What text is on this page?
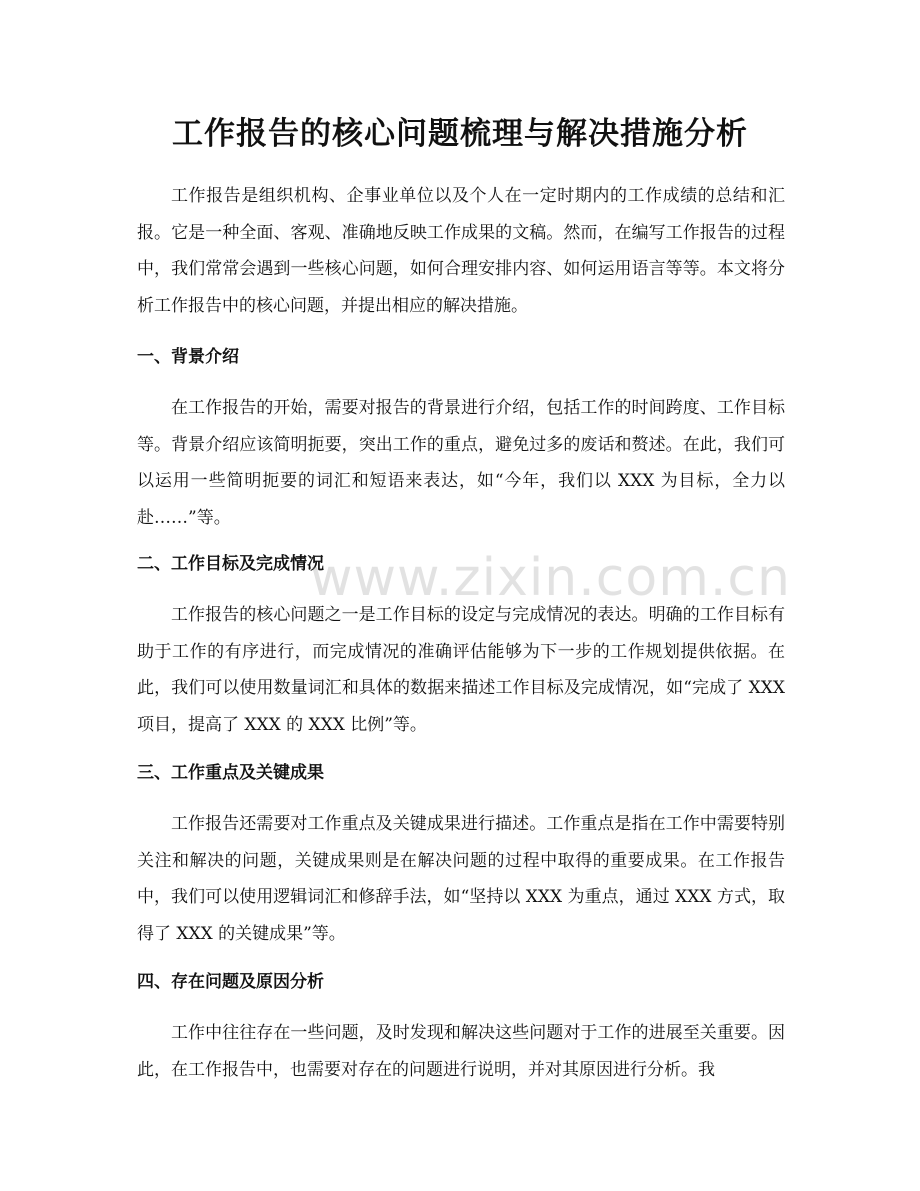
工作报告的核心问题梳理与解决措施分析

工作报告是组织机构、企事业单位以及个人在一定时期内的工作成绩的总结和汇报。它是一种全面、客观、准确地反映工作成果的文稿。然而，在编写工作报告的过程中，我们常常会遇到一些核心问题，如何合理安排内容、如何运用语言等等。本文将分析工作报告中的核心问题，并提出相应的解决措施。

一、背景介绍

在工作报告的开始，需要对报告的背景进行介绍，包括工作的时间跨度、工作目标等。背景介绍应该简明扼要，突出工作的重点，避免过多的废话和赘述。在此，我们可以运用一些简明扼要的词汇和短语来表达，如“今年，我们以 XXX 为目标，全力以赴……”等。

二、工作目标及完成情况

工作报告的核心问题之一是工作目标的设定与完成情况的表达。明确的工作目标有助于工作的有序进行，而完成情况的准确评估能够为下一步的工作规划提供依据。在此，我们可以使用数量词汇和具体的数据来描述工作目标及完成情况，如“完成了 XXX 项目，提高了 XXX 的 XXX 比例”等。

三、工作重点及关键成果

工作报告还需要对工作重点及关键成果进行描述。工作重点是指在工作中需要特别关注和解决的问题，关键成果则是在解决问题的过程中取得的重要成果。在工作报告中，我们可以使用逻辑词汇和修辞手法，如“坚持以 XXX 为重点，通过 XXX 方式，取得了 XXX 的关键成果”等。

四、存在问题及原因分析

工作中往往存在一些问题，及时发现和解决这些问题对于工作的进展至关重要。因此，在工作报告中，也需要对存在的问题进行说明，并对其原因进行分析。我

www.zixin.com.cn
